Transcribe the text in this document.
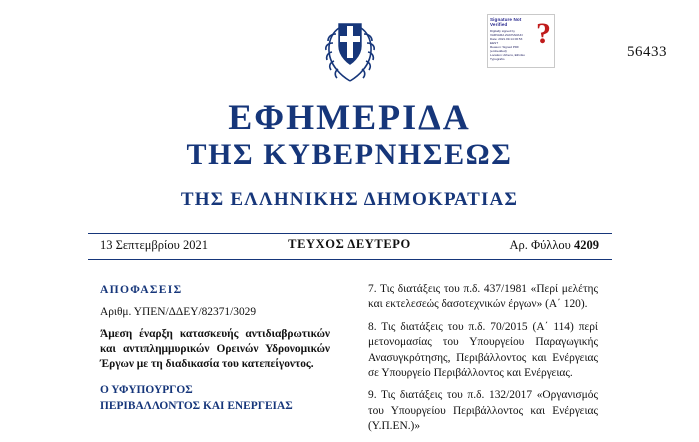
56433
Signature Not
Verified
Digitally signed by
VARVARA ZACHARAKI
Date: 2021.09.14 00:53
EEST
Reason: Signed PDF
(embedded)
Location: Athens, Ethniko
Typografio
?
ΕΦΗΜΕΡΙΔΑ
ΤΗΣ ΚΥΒΕΡΝΗΣΕΩΣ
ΤΗΣ ΕΛΛΗΝΙΚΗΣ ΔΗΜΟΚΡΑΤΙΑΣ
13 Σεπτεμβρίου 2021	ΤΕΥΧΟΣ ΔΕΥΤΕΡΟ	Αρ. Φύλλου 4209
ΑΠΟΦΑΣΕΙΣ
Αριθμ. ΥΠΕΝ/ΔΔΕΥ/82371/3029
Άμεση έναρξη κατασκευής αντιδιαβρωτικών και αντιπλημμυρικών Ορεινών Υδρονομικών Έργων με τη διαδικασία του κατεπείγοντος.
Ο ΥΦΥΠΟΥΡΓΟΣ
ΠΕΡΙΒΑΛΛΟΝΤΟΣ ΚΑΙ ΕΝΕΡΓΕΙΑΣ
7. Τις διατάξεις του π.δ. 437/1981 «Περί μελέτης και εκτελεσεώς δασοτεχνικών έργων» (Α΄ 120).
8. Τις διατάξεις του π.δ. 70/2015 (Α΄ 114) περί μετονομασίας του Υπουργείου Παραγωγικής Ανασυγκρότησης, Περιβάλλοντος και Ενέργειας σε Υπουργείο Περιβάλλοντος και Ενέργειας.
9. Τις διατάξεις του π.δ. 132/2017 «Οργανισμός του Υπουργείου Περιβάλλοντος και Ενέργειας (Υ.Π.ΕΝ.)»
